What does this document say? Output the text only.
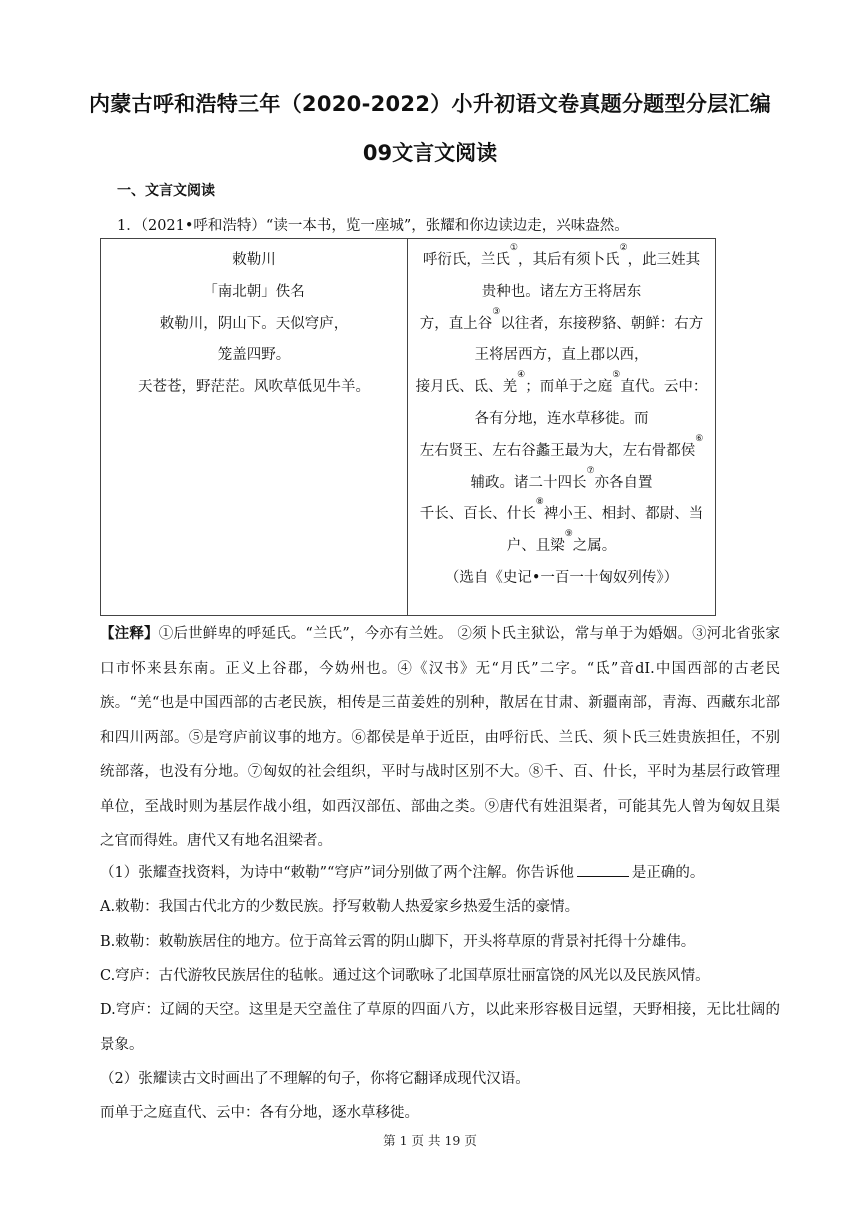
内蒙古呼和浩特三年（2020-2022）小升初语文卷真题分题型分层汇编
09文言文阅读
一、文言文阅读
1．（2021•呼和浩特）“读一本书，览一座城”，张耀和你边读边走，兴味盎然。
敕勒川
「南北朝」佚名
敕勒川，阴山下。天似穹庐，
笼盖四野。
天苍苍，野茫茫。风吹草低见牛羊。

呼衍氏，兰氏①，其后有须卜氏②，此三姓其
贵种也。诸左方王将居东
方，直上谷③以往者，东接秽貉、朝鲜：右方
王将居西方，直上郡以西，
接月氏、氐、羌④；而单于之庭⑤直代。云中：
各有分地，连水草移徙。而
左右贤王、左右谷蠡王最为大，左右骨都侯⑥
辅政。诸二十四长⑦亦各自置
千长、百长、什长⑧裨小王、相封、都尉、当
户、且梁⑨之属。
（选自《史记•一百一十匈奴列传》）
【注释】①后世鲜卑的呼延氏。“兰氏”，今亦有兰姓。 ②须卜氏主狱讼，常与单于为婚姻。③河北省张家口市怀来县东南。正义上谷郡，今妫州也。④《汉书》无“月氏”二字。“氐”音dI.中国西部的古老民族。“羌“也是中国西部的古老民族，相传是三苗姜姓的别种，散居在甘肃、新疆南部，青海、西藏东北部和四川两部。⑤是穹庐前议事的地方。⑥都侯是单于近臣，由呼衍氏、兰氏、须卜氏三姓贵族担任，不别统部落，也没有分地。⑦匈奴的社会组织，平时与战时区别不大。⑧千、百、什长，平时为基层行政管理单位，至战时则为基层作战小组，如西汉部伍、部曲之类。⑨唐代有姓沮渠者，可能其先人曾为匈奴且渠之官而得姓。唐代又有地名沮梁者。
（1）张耀查找资料，为诗中“敕勒”“穹庐”词分别做了两个注解。你告诉他	是正确的。
A.敕勒：我国古代北方的少数民族。抒写敕勒人热爱家乡热爱生活的豪情。
B.敕勒：敕勒族居住的地方。位于高耸云霄的阴山脚下，开头将草原的背景衬托得十分雄伟。
C.穹庐：古代游牧民族居住的毡帐。通过这个词歌咏了北国草原壮丽富饶的风光以及民族风情。
D.穹庐：辽阔的天空。这里是天空盖住了草原的四面八方，以此来形容极目远望，天野相接，无比壮阔的景象。
（2）张耀读古文时画出了不理解的句子，你将它翻译成现代汉语。
而单于之庭直代、云中：各有分地，逐水草移徙。
第 1 页 共 19 页
